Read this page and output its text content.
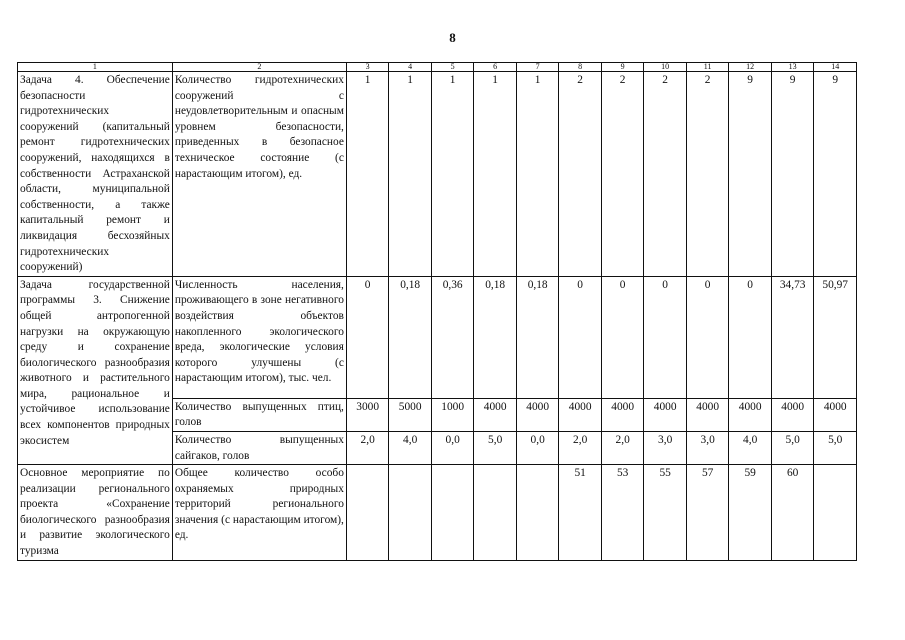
8
1	2	3	4	5	6	7	8	9	10	11	12	13	14
Задача 4. Обеспечение безопасности гидротехнических сооружений (капитальный ремонт гидротехнических сооружений, находящихся в собственности Астраханской области, муниципальной собственности, а также капитальный ремонт и ликвидация бесхозяйных гидротехнических сооружений)	Количество гидротехнических сооружений с неудовлетворительным и опасным уровнем безопасности, приведенных в безопасное техническое состояние (с нарастающим итогом), ед.	1	1	1	1	1	2	2	2	2	9	9	9
Задача государственной программы 3. Снижение общей антропогенной нагрузки на окружающую среду и сохранение биологического разнообразия животного и растительного мира, рациональное и устойчивое использование всех компонентов природных экосистем	Численность населения, проживающего в зоне негативного воздействия объектов накопленного экологического вреда, экологические условия которого улучшены (с нарастающим итогом), тыс. чел.	0	0,18	0,36	0,18	0,18	0	0	0	0	0	34,73	50,97
	Количество выпущенных птиц, голов	3000	5000	1000	4000	4000	4000	4000	4000	4000	4000	4000	4000
	Количество выпущенных сайгаков, голов	2,0	4,0	0,0	5,0	0,0	2,0	2,0	3,0	3,0	4,0	5,0	5,0
Основное мероприятие по реализации регионального проекта «Сохранение биологического разнообразия и развитие экологического туризма	Общее количество особо охраняемых природных территорий регионального значения (с нарастающим итогом), ед.						51	53	55	57	59	60	
